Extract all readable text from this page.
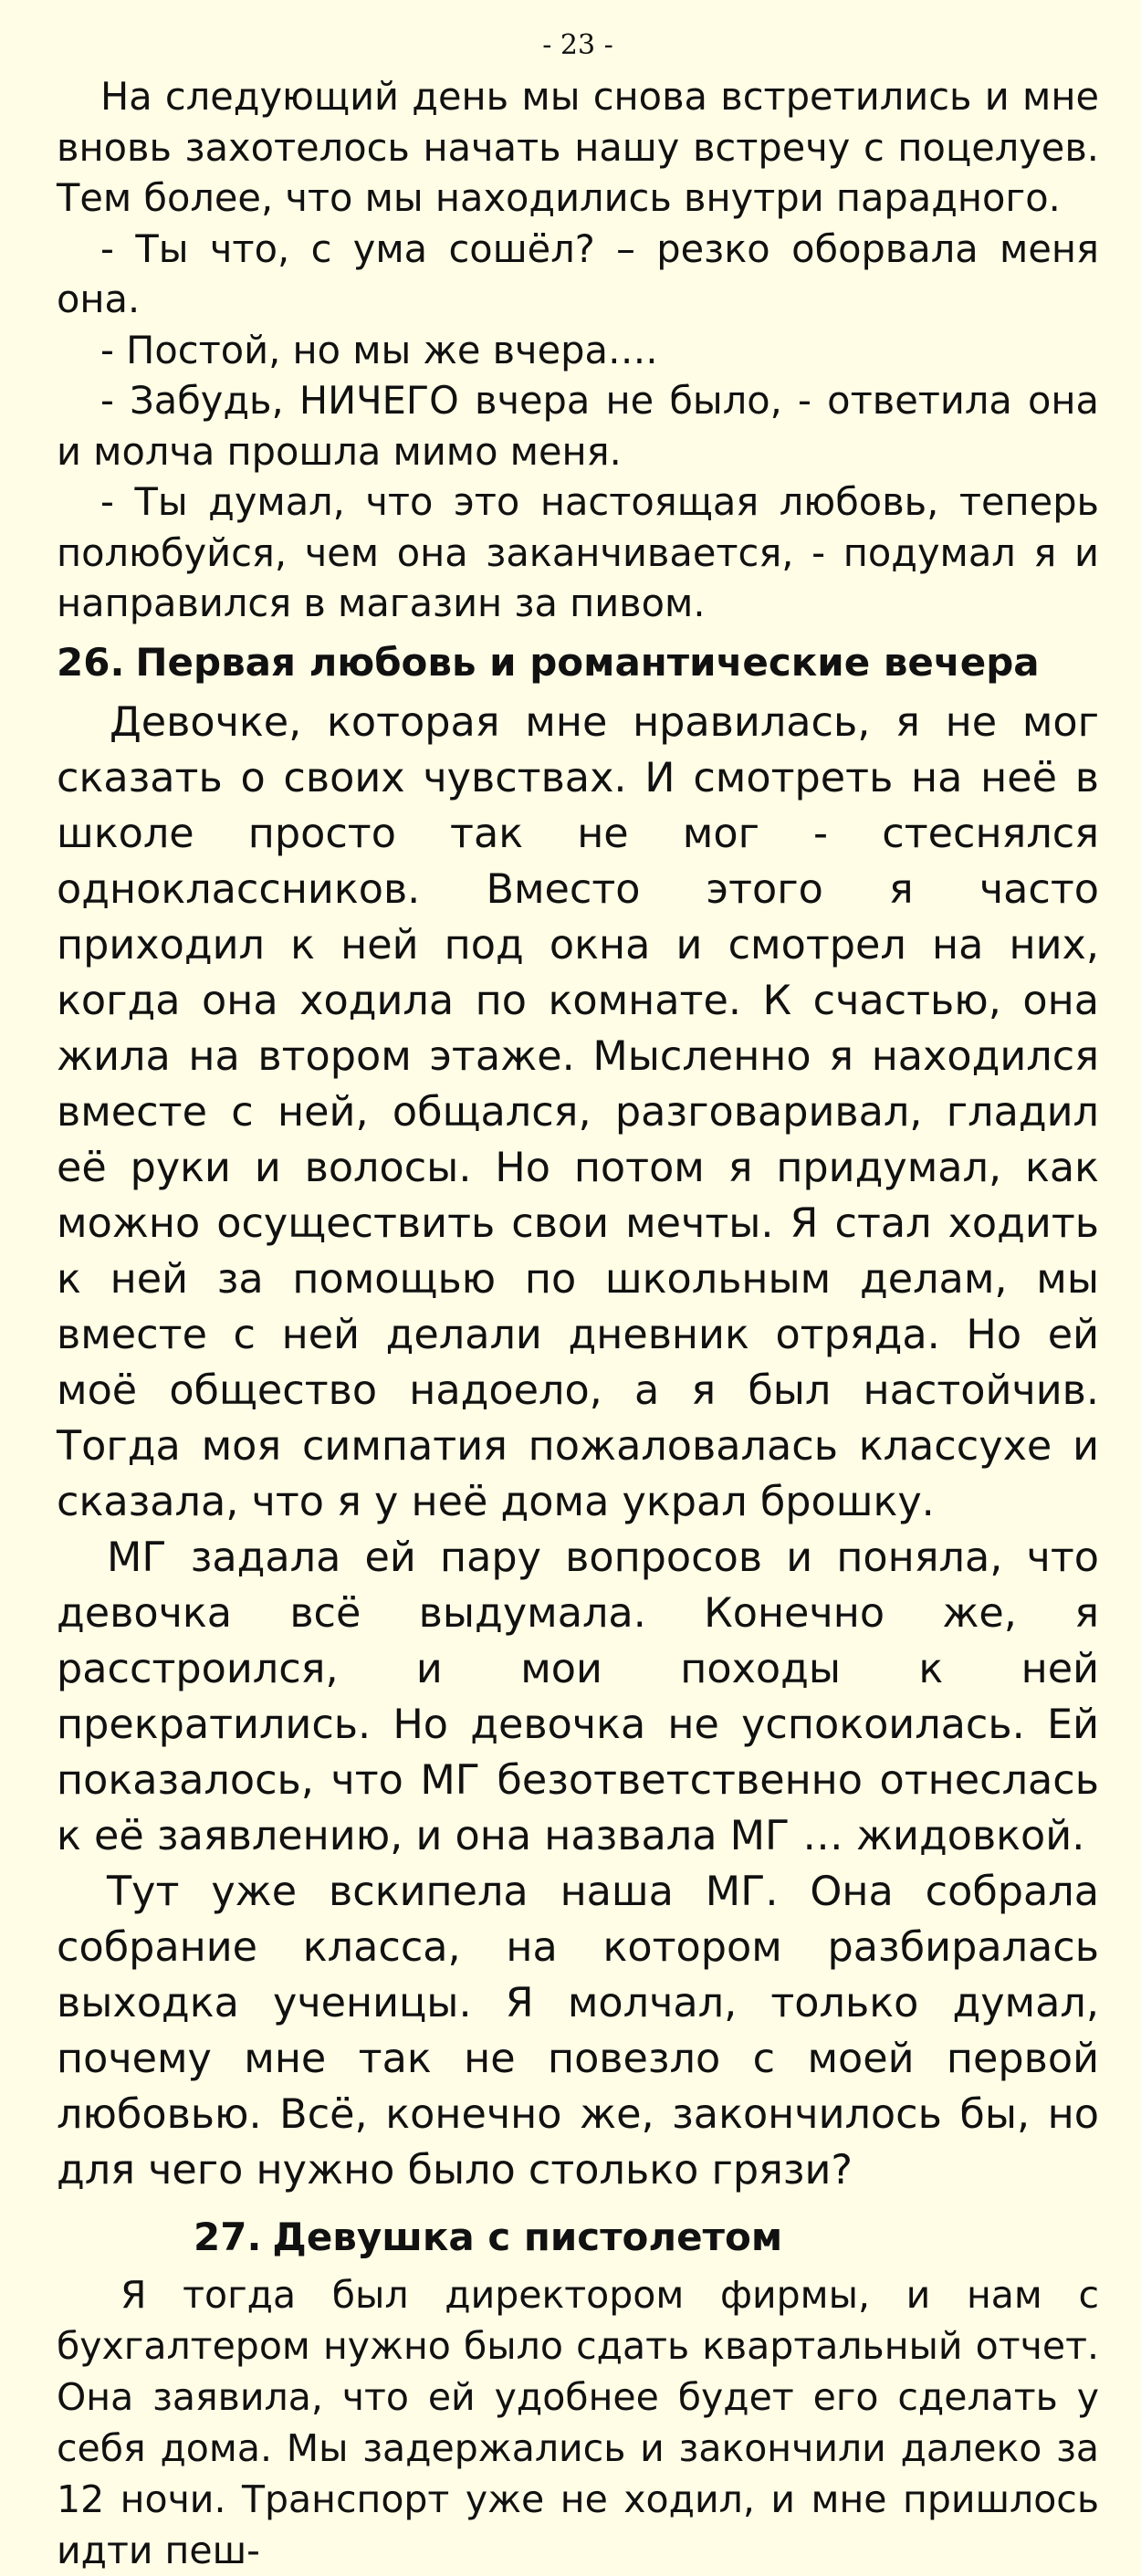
- 23 -

На следующий день мы снова встретились и мне вновь захотелось начать нашу встречу с поцелуев. Тем более, что мы находились внутри парадного.

- Ты что, с ума сошёл? – резко оборвала меня она.

- Постой, но мы же вчера….

- Забудь, НИЧЕГО вчера не было, - ответила она и молча прошла мимо меня.

- Ты думал, что это настоящая любовь, теперь полюбуйся, чем она заканчивается, - подумал я и направился в магазин за пивом.

26. Первая любовь и романтические вечера

Девочке, которая мне нравилась, я не мог сказать о своих чувствах. И смотреть на неё в школе просто так не мог - стеснялся одноклассников. Вместо этого я часто приходил к ней под окна и смотрел на них, когда она ходила по комнате. К счастью, она жила на втором этаже. Мысленно я находился вместе с ней, общался, разговаривал, гладил её руки и волосы. Но потом я придумал, как можно осуществить свои мечты. Я стал ходить к ней за помощью по школьным делам, мы вместе с ней делали дневник отряда. Но ей моё общество надоело, а я был настойчив. Тогда моя симпатия пожаловалась классухе и сказала, что я у неё дома украл брошку.

МГ задала ей пару вопросов и поняла, что девочка всё выдумала. Конечно же, я расстроился, и мои походы к ней прекратились. Но девочка не успокоилась. Ей показалось, что МГ безответственно отнеслась к её заявлению, и она назвала МГ … жидовкой.

Тут уже вскипела наша МГ. Она собрала собрание класса, на котором разбиралась выходка ученицы. Я молчал, только думал, почему мне так не повезло с моей первой любовью. Всё, конечно же, закончилось бы, но для чего нужно было столько грязи?

27. Девушка с пистолетом

Я тогда был директором фирмы, и нам с бухгалтером нужно было сдать квартальный отчет. Она заявила, что ей удобнее будет его сделать у себя дома. Мы задержались и закончили далеко за 12 ночи. Транспорт уже не ходил, и мне пришлось идти пеш-
